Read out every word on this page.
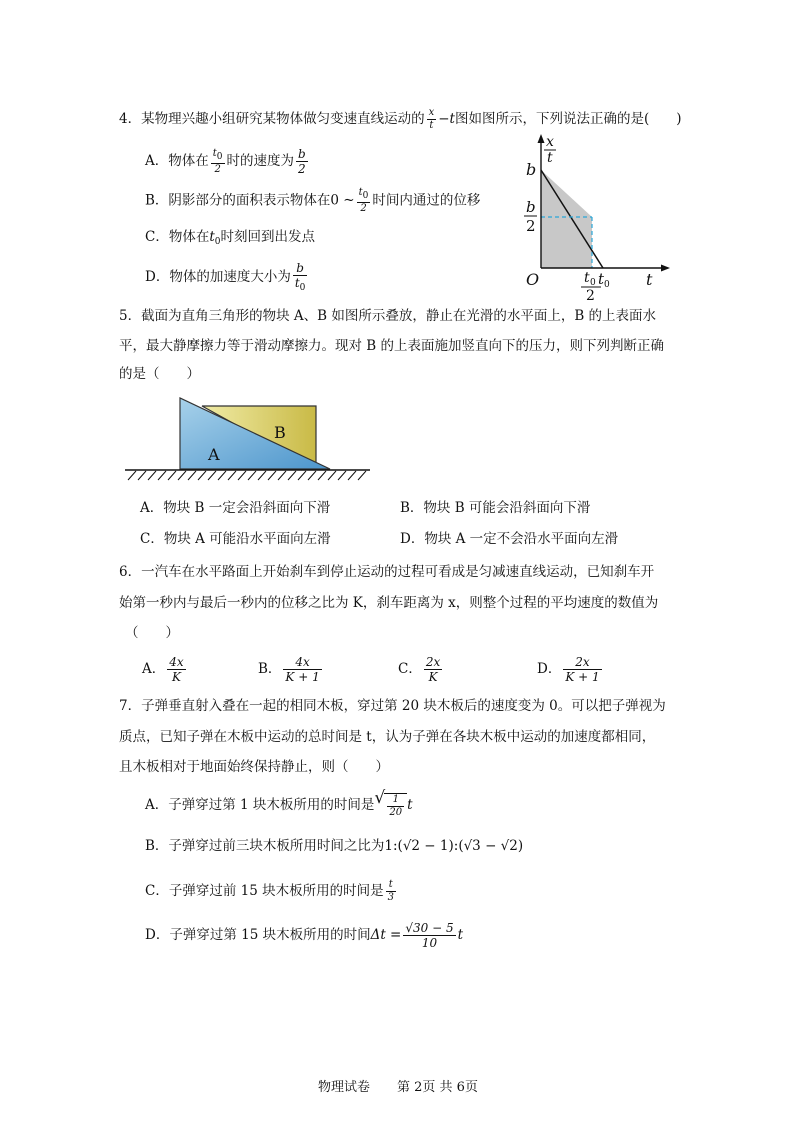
4．某物理兴趣小组研究某物体做匀变速直线运动的 $\frac{x}{t} -t$图如图所示，下列说法正确的是(　　)
A．物体在 $\frac{t0}{2}$ 时的速度为 $\frac{b}{2}$
B．阴影部分的面积表示物体在0 ~ $\frac{t0}{2}$ 时间内通过的位移
C．物体在$t_0$时刻回到出发点
D．物体的加速度大小为 $\frac{b}{t_0}$
x
t
b
b
2
O	t 0
2
t 0 t
5．截面为直角三角形的物块 A、B 如图所示叠放，静止在光滑的水平面上，B 的上表面水
平，最大静摩擦力等于滑动摩擦力。现对 B 的上表面施加竖直向下的压力，则下列判断正确
的是（　　）
A
B
A．物块 B 一定会沿斜面向下滑	B．物块 B 可能会沿斜面向下滑
C．物块 A 可能沿水平面向左滑	D．物块 A 一定不会沿水平面向左滑
6．一汽车在水平路面上开始刹车到停止运动的过程可看成是匀减速直线运动，已知刹车开
始第一秒内与最后一秒内的位移之比为 K，刹车距离为 x，则整个过程的平均速度的数值为
（　　）
A． $\frac{4x}{K}$	B． $\frac{4x}{K + 1}$	C． $\frac{2x}{K}$	D． $\frac{2x}{K + 1}$
7．子弹垂直射入叠在一起的相同木板，穿过第 20 块木板后的速度变为 0。可以把子弹视为
质点，已知子弹在木板中运动的总时间是 t，认为子弹在各块木板中运动的加速度都相同，
且木板相对于地面始终保持静止，则（　　）
A．子弹穿过第 1 块木板所用的时间是 √ $\frac{1}{20}$ t
B．子弹穿过前三块木板所用时间之比为1:(√2 − 1):(√3 − √2)
C．子弹穿过前 15 块木板所用的时间是 $\frac{t}{3}$
D．子弹穿过第 15 块木板所用的时间$\Delta t = \frac{√30 - 5}{10}$ t
物理试卷 第 2页 共 6页
